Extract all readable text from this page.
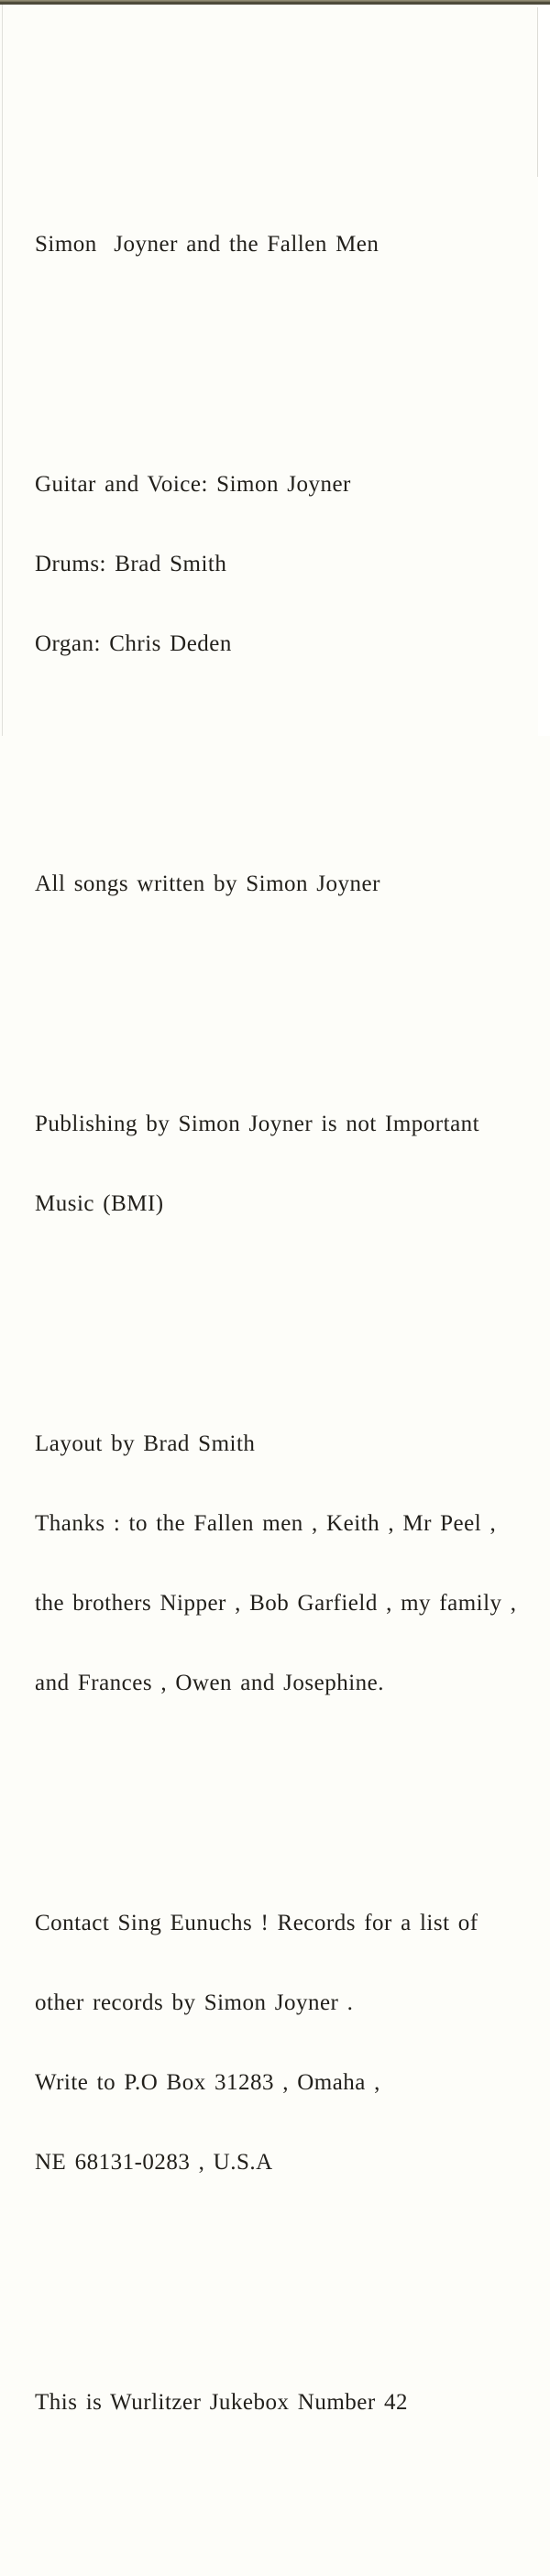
Simon  Joyner and the Fallen Men

Guitar and Voice: Simon Joyner

Drums: Brad Smith

Organ: Chris Deden

All songs written by Simon Joyner

Publishing by Simon Joyner is not Important

Music (BMI)

Layout by Brad Smith

Thanks : to the Fallen men , Keith , Mr Peel ,

the brothers Nipper , Bob Garfield , my family ,

and Frances , Owen and Josephine.

Contact Sing Eunuchs ! Records for a list of

other records by Simon Joyner .

Write to P.O Box 31283 , Omaha ,

NE 68131-0283 , U.S.A

This is Wurlitzer Jukebox Number 42
